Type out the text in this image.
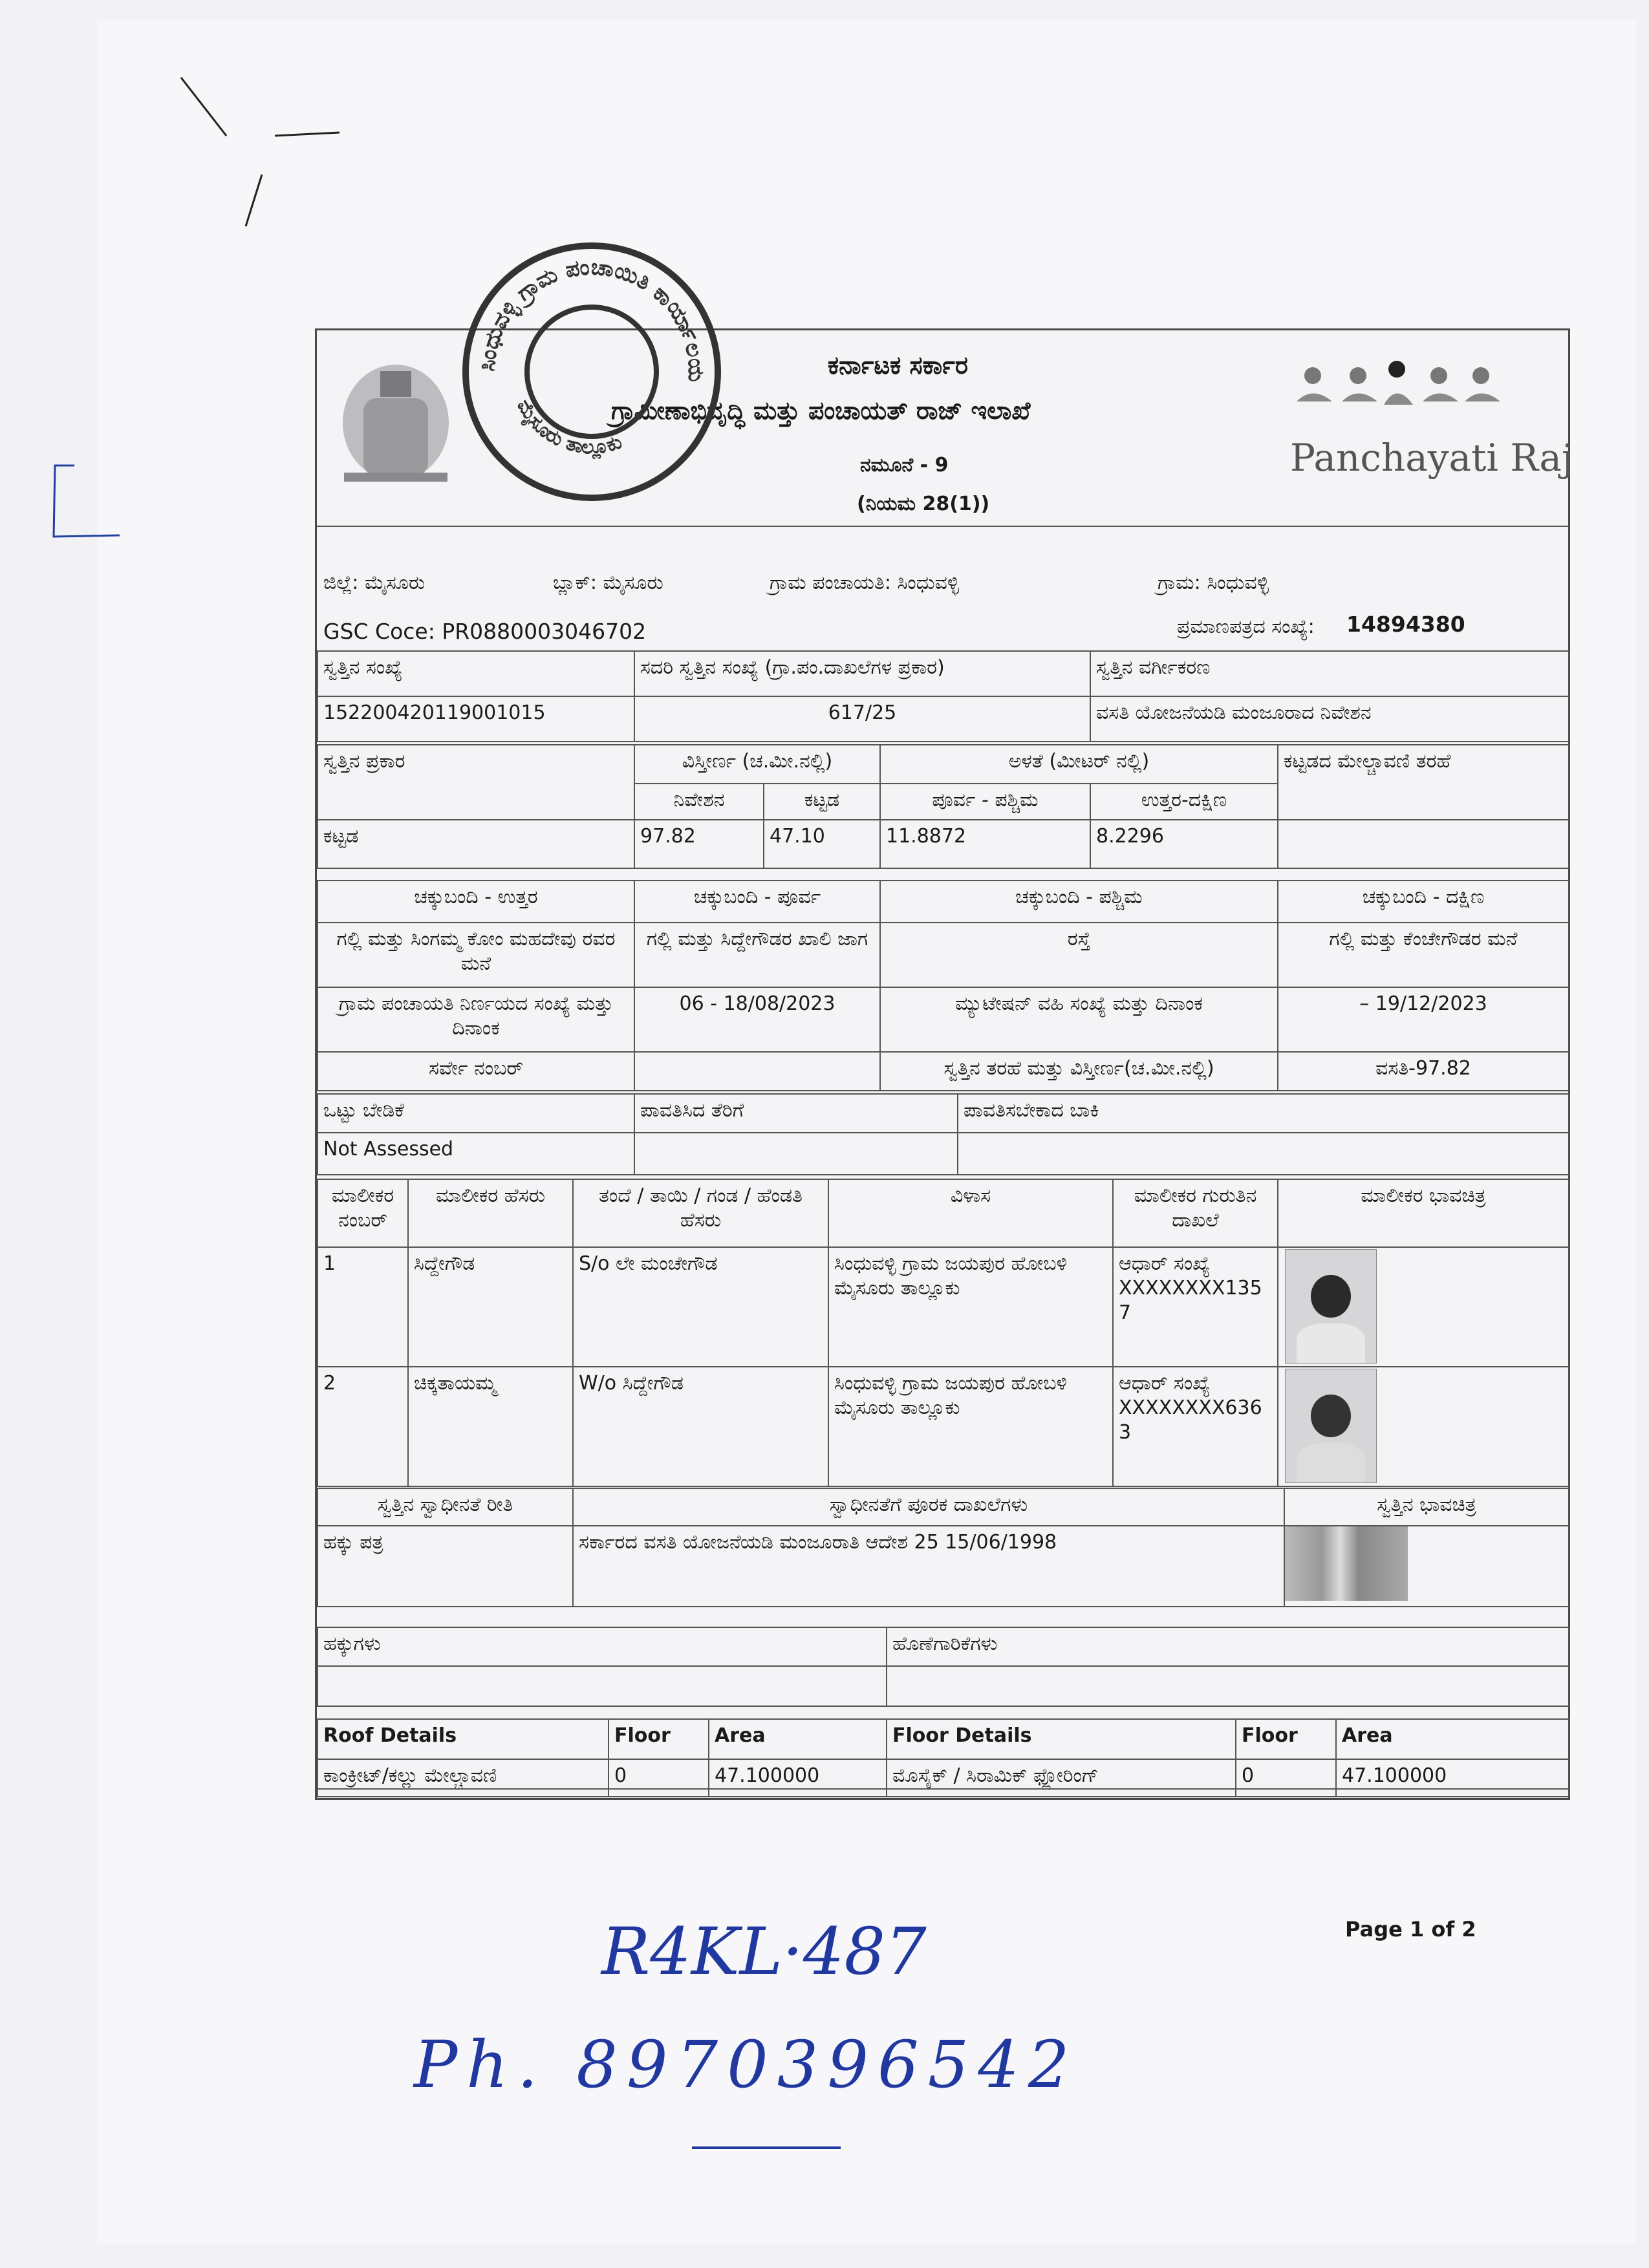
ಕರ್ನಾಟಕ ಸರ್ಕಾರ
ಗ್ರಾಮೀಣಾಭಿವೃದ್ಧಿ ಮತ್ತು ಪಂಚಾಯತ್ ರಾಜ್ ಇಲಾಖೆ
ನಮೂನೆ - 9
(ನಿಯಮ 28(1))
Panchayati Raj
ಜಿಲ್ಲೆ: ಮೈಸೂರು	ಬ್ಲಾಕ್: ಮೈಸೂರು	ಗ್ರಾಮ ಪಂಚಾಯತಿ: ಸಿಂಧುವಳ್ಳಿ	ಗ್ರಾಮ: ಸಿಂಧುವಳ್ಳಿ
GSC Coce: PR0880003046702	ಪ್ರಮಾಣಪತ್ರದ ಸಂಖ್ಯೆ: 14894380
ಸ್ವತ್ತಿನ ಸಂಖ್ಯೆ	ಸದರಿ ಸ್ವತ್ತಿನ ಸಂಖ್ಯೆ (ಗ್ರಾ.ಪಂ.ದಾಖಲೆಗಳ ಪ್ರಕಾರ)	ಸ್ವತ್ತಿನ ವರ್ಗೀಕರಣ
152200420119001015	617/25	ವಸತಿ ಯೋಜನೆಯಡಿ ಮಂಜೂರಾದ ನಿವೇಶನ
ಸ್ವತ್ತಿನ ಪ್ರಕಾರ	ವಿಸ್ತೀರ್ಣ (ಚ.ಮೀ.ನಲ್ಲಿ)		ಅಳತೆ (ಮೀಟರ್ ನಲ್ಲಿ)		ಕಟ್ಟಡದ ಮೇಲ್ಚಾವಣಿ ತರಹೆ
	ನಿವೇಶನ	ಕಟ್ಟಡ	ಪೂರ್ವ - ಪಶ್ಚಿಮ	ಉತ್ತರ-ದಕ್ಷಿಣ	
ಕಟ್ಟಡ	97.82	47.10	11.8872	8.2296	
ಚಕ್ಕುಬಂದಿ - ಉತ್ತರ	ಚಕ್ಕುಬಂದಿ - ಪೂರ್ವ	ಚಕ್ಕುಬಂದಿ - ಪಶ್ಚಿಮ	ಚಕ್ಕುಬಂದಿ - ದಕ್ಷಿಣ
ಗಲ್ಲಿ ಮತ್ತು ಸಿಂಗಮ್ಮ ಕೋಂ ಮಹದೇವು ರವರ ಮನೆ	ಗಲ್ಲಿ ಮತ್ತು ಸಿದ್ದೇಗೌಡರ ಖಾಲಿ ಜಾಗ	ರಸ್ತೆ	ಗಲ್ಲಿ ಮತ್ತು ಕೆಂಚೇಗೌಡರ ಮನೆ
ಗ್ರಾಮ ಪಂಚಾಯತಿ ನಿರ್ಣಯದ ಸಂಖ್ಯೆ ಮತ್ತು ದಿನಾಂಕ	06 - 18/08/2023	ಮ್ಯುಟೇಷನ್ ವಹಿ ಸಂಖ್ಯೆ ಮತ್ತು ದಿನಾಂಕ	– 19/12/2023
ಸರ್ವೇ ನಂಬರ್		ಸ್ವತ್ತಿನ ತರಹೆ ಮತ್ತು ವಿಸ್ತೀರ್ಣ(ಚ.ಮೀ.ನಲ್ಲಿ)	ವಸತಿ-97.82
ಒಟ್ಟು ಬೇಡಿಕೆ	ಪಾವತಿಸಿದ ತೆರಿಗೆ	ಪಾವತಿಸಬೇಕಾದ ಬಾಕಿ
Not Assessed		
ಮಾಲೀಕರ ನಂಬರ್	ಮಾಲೀಕರ ಹೆಸರು	ತಂದೆ / ತಾಯಿ / ಗಂಡ / ಹೆಂಡತಿ ಹೆಸರು	ವಿಳಾಸ	ಮಾಲೀಕರ ಗುರುತಿನ ದಾಖಲೆ	ಮಾಲೀಕರ ಭಾವಚಿತ್ರ
1	ಸಿದ್ದೇಗೌಡ	S/o ಲೇ ಮಂಚೇಗೌಡ	ಸಿಂಧುವಳ್ಳಿ ಗ್ರಾಮ ಜಯಪುರ ಹೋಬಳಿ ಮೈಸೂರು ತಾಲ್ಲೂಕು	ಆಧಾರ್ ಸಂಖ್ಯೆ
XXXXXXXX1357	

2	ಚಿಕ್ಕತಾಯಮ್ಮ	W/o ಸಿದ್ದೇಗೌಡ	ಸಿಂಧುವಳ್ಳಿ ಗ್ರಾಮ ಜಯಪುರ ಹೋಬಳಿ ಮೈಸೂರು ತಾಲ್ಲೂಕು	ಆಧಾರ್ ಸಂಖ್ಯೆ
XXXXXXXX6363	

ಸ್ವತ್ತಿನ ಸ್ವಾಧೀನತೆ ರೀತಿ	ಸ್ವಾಧೀನತೆಗೆ ಪೂರಕ ದಾಖಲೆಗಳು	ಸ್ವತ್ತಿನ ಭಾವಚಿತ್ರ
ಹಕ್ಕು ಪತ್ರ	ಸರ್ಕಾರದ ವಸತಿ ಯೋಜನೆಯಡಿ ಮಂಜೂರಾತಿ ಆದೇಶ 25 15/06/1998	
ಹಕ್ಕುಗಳು	ಹೊಣೆಗಾರಿಕೆಗಳು

Roof Details	Floor	Area	Floor Details	Floor	Area
ಕಾಂಕ್ರೀಟ್/ಕಲ್ಲು ಮೇಲ್ಚಾವಣಿ	0	47.100000	ಮೊಸೈಕ್ / ಸಿರಾಮಿಕ್ ಫ್ಲೋರಿಂಗ್	0	47.100000
Page 1 of 2
ಸಿಂಧುವಳ್ಳಿ ಗ್ರಾಮ ಪಂಚಾಯಿತಿ ಕಾರ್ಯಾಲಯ
ಮೈಸೂರು ತಾಲ್ಲೂಕು
R4KL·487
Ph. 8970396542
